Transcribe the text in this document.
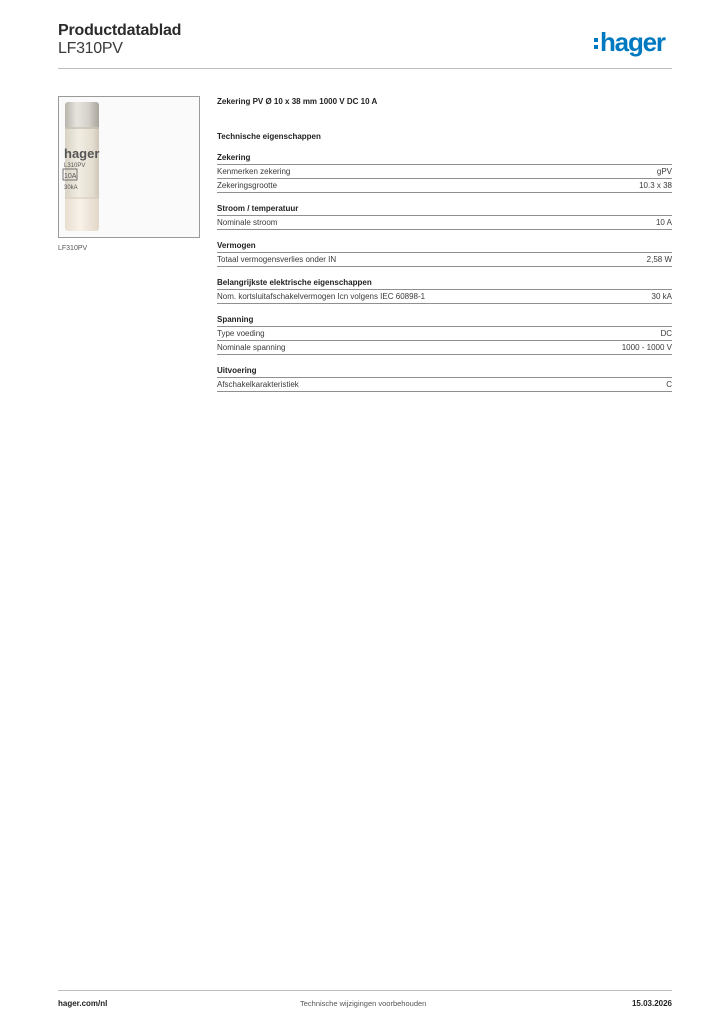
Productdatablad
LF310PV	hager
hager
L310PV
10A
30kA
LF310PV
Zekering PV Ø 10 x 38 mm 1000 V DC 10 A
Technische eigenschappen
Zekering
Kenmerken zekering	gPV
Zekeringsgrootte	10.3 x 38
Stroom / temperatuur
Nominale stroom	10 A
Vermogen
Totaal vermogensverlies onder IN	2,58 W
Belangrijkste elektrische eigenschappen
Nom. kortsluitafschakelvermogen Icn volgens IEC 60898-1	30 kA
Spanning
Type voeding	DC
Nominale spanning	1000 - 1000 V
Uitvoering
Afschakelkarakteristiek	C
hager.com/nl	Technische wijzigingen voorbehouden	15.03.2026
